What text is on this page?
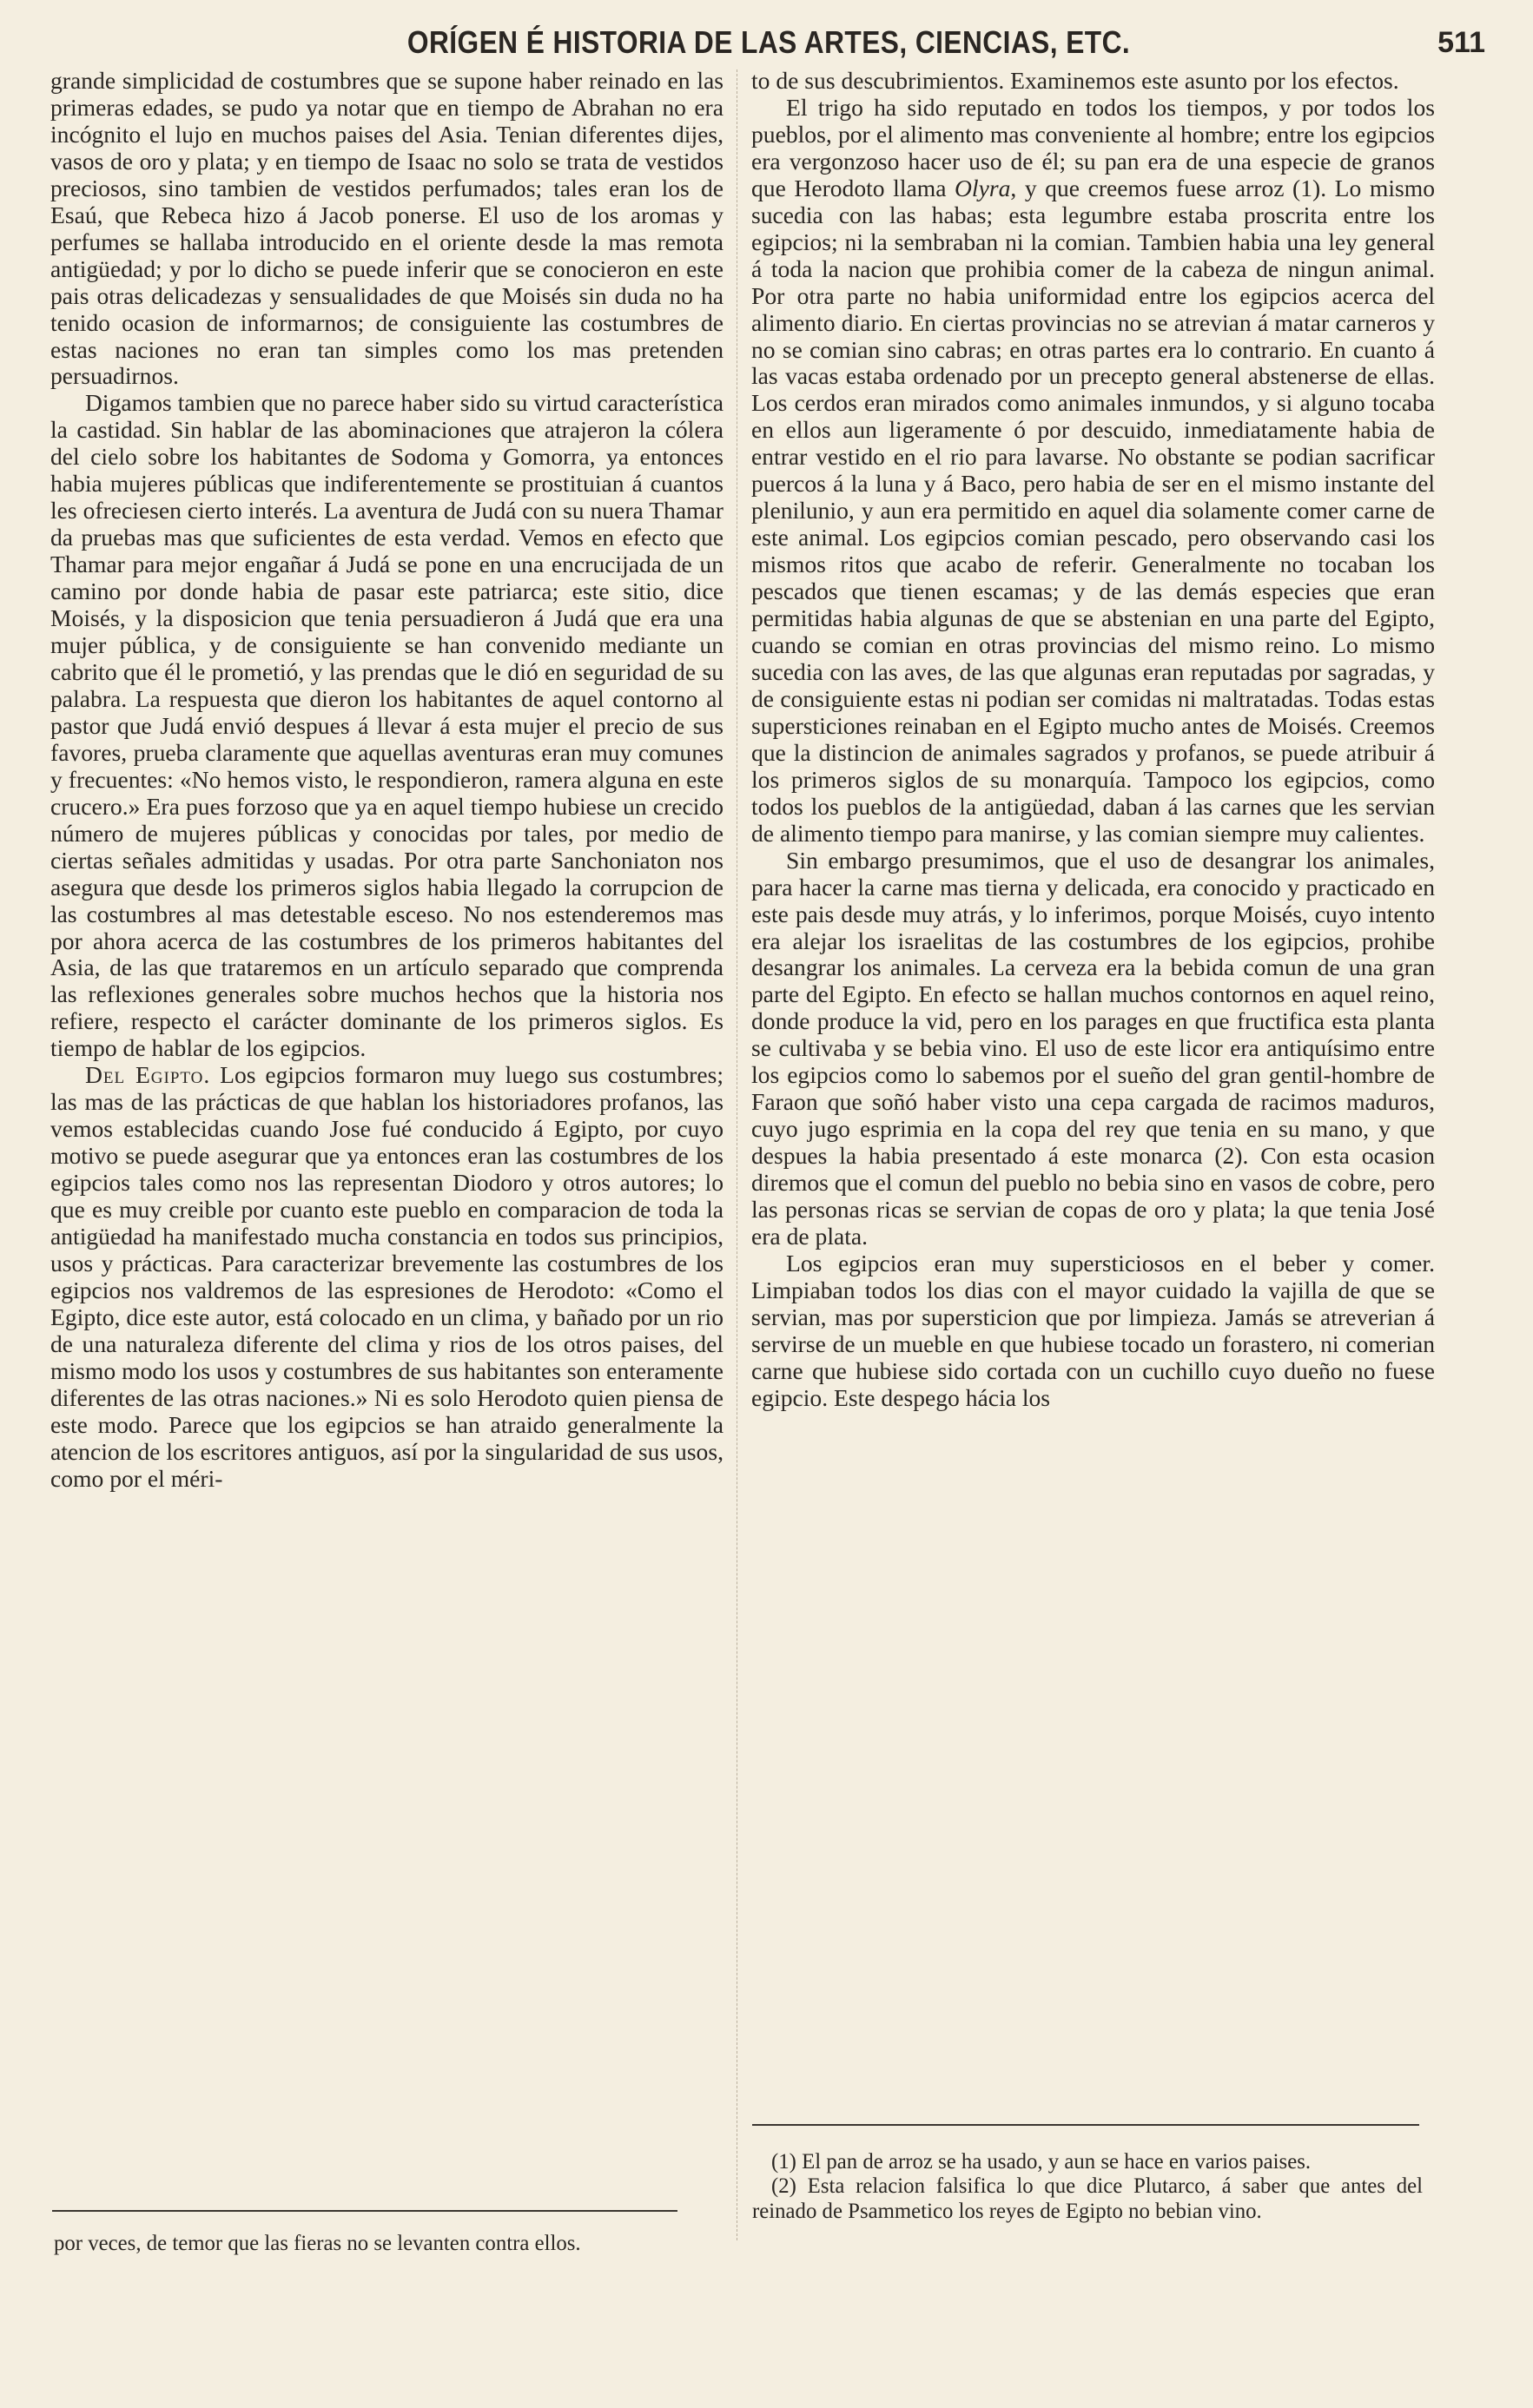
ORÍGEN É HISTORIA DE LAS ARTES, CIENCIAS, ETC.	511

grande simplicidad de costumbres que se supone haber reinado en las primeras edades, se pudo ya notar que en tiempo de Abrahan no era incógnito el lujo en muchos paises del Asia. Tenian diferentes dijes, vasos de oro y plata; y en tiempo de Isaac no solo se trata de vestidos preciosos, sino tambien de vestidos perfumados; tales eran los de Esaú, que Rebeca hizo á Jacob ponerse. El uso de los aromas y perfumes se hallaba introducido en el oriente desde la mas remota antigüedad; y por lo dicho se puede inferir que se conocieron en este pais otras delicadezas y sensualidades de que Moisés sin duda no ha tenido ocasion de informarnos; de consiguiente las costumbres de estas naciones no eran tan simples como los mas pretenden persuadirnos.

Digamos tambien que no parece haber sido su virtud característica la castidad. Sin hablar de las abominaciones que atrajeron la cólera del cielo sobre los habitantes de Sodoma y Gomorra, ya entonces habia mujeres públicas que indiferentemente se prostituian á cuantos les ofreciesen cierto interés. La aventura de Judá con su nuera Thamar da pruebas mas que suficientes de esta verdad. Vemos en efecto que Thamar para mejor engañar á Judá se pone en una encrucijada de un camino por donde habia de pasar este patriarca; este sitio, dice Moisés, y la disposicion que tenia persuadieron á Judá que era una mujer pública, y de consiguiente se han convenido mediante un cabrito que él le prometió, y las prendas que le dió en seguridad de su palabra. La respuesta que dieron los habitantes de aquel contorno al pastor que Judá envió despues á llevar á esta mujer el precio de sus favores, prueba claramente que aquellas aventuras eran muy comunes y frecuentes: «No hemos visto, le respondieron, ramera alguna en este crucero.» Era pues forzoso que ya en aquel tiempo hubiese un crecido número de mujeres públicas y conocidas por tales, por medio de ciertas señales admitidas y usadas. Por otra parte Sanchoniaton nos asegura que desde los primeros siglos habia llegado la corrupcion de las costumbres al mas detestable esceso. No nos estenderemos mas por ahora acerca de las costumbres de los primeros habitantes del Asia, de las que trataremos en un artículo separado que comprenda las reflexiones generales sobre muchos hechos que la historia nos refiere, respecto el carácter dominante de los primeros siglos. Es tiempo de hablar de los egipcios.

Del Egipto. Los egipcios formaron muy luego sus costumbres; las mas de las prácticas de que hablan los historiadores profanos, las vemos establecidas cuando Jose fué conducido á Egipto, por cuyo motivo se puede asegurar que ya entonces eran las costumbres de los egipcios tales como nos las representan Diodoro y otros autores; lo que es muy creible por cuanto este pueblo en comparacion de toda la antigüedad ha manifestado mucha constancia en todos sus principios, usos y prácticas. Para caracterizar brevemente las costumbres de los egipcios nos valdremos de las espresiones de Herodoto: «Como el Egipto, dice este autor, está colocado en un clima, y bañado por un rio de una naturaleza diferente del clima y rios de los otros paises, del mismo modo los usos y costumbres de sus habitantes son enteramente diferentes de las otras naciones.» Ni es solo Herodoto quien piensa de este modo. Parece que los egipcios se han atraido generalmente la atencion de los escritores antiguos, así por la singularidad de sus usos, como por el méri-

por veces, de temor que las fieras no se levanten contra ellos.

to de sus descubrimientos. Examinemos este asunto por los efectos.

El trigo ha sido reputado en todos los tiempos, y por todos los pueblos, por el alimento mas conveniente al hombre; entre los egipcios era vergonzoso hacer uso de él; su pan era de una especie de granos que Herodoto llama Olyra, y que creemos fuese arroz (1). Lo mismo sucedia con las habas; esta legumbre estaba proscrita entre los egipcios; ni la sembraban ni la comian. Tambien habia una ley general á toda la nacion que prohibia comer de la cabeza de ningun animal. Por otra parte no habia uniformidad entre los egipcios acerca del alimento diario. En ciertas provincias no se atrevian á matar carneros y no se comian sino cabras; en otras partes era lo contrario. En cuanto á las vacas estaba ordenado por un precepto general abstenerse de ellas. Los cerdos eran mirados como animales inmundos, y si alguno tocaba en ellos aun ligeramente ó por descuido, inmediatamente habia de entrar vestido en el rio para lavarse. No obstante se podian sacrificar puercos á la luna y á Baco, pero habia de ser en el mismo instante del plenilunio, y aun era permitido en aquel dia solamente comer carne de este animal. Los egipcios comian pescado, pero observando casi los mismos ritos que acabo de referir. Generalmente no tocaban los pescados que tienen escamas; y de las demás especies que eran permitidas habia algunas de que se abstenian en una parte del Egipto, cuando se comian en otras provincias del mismo reino. Lo mismo sucedia con las aves, de las que algunas eran reputadas por sagradas, y de consiguiente estas ni podian ser comidas ni maltratadas. Todas estas supersticiones reinaban en el Egipto mucho antes de Moisés. Creemos que la distincion de animales sagrados y profanos, se puede atribuir á los primeros siglos de su monarquía. Tampoco los egipcios, como todos los pueblos de la antigüedad, daban á las carnes que les servian de alimento tiempo para manirse, y las comian siempre muy calientes.

Sin embargo presumimos, que el uso de desangrar los animales, para hacer la carne mas tierna y delicada, era conocido y practicado en este pais desde muy atrás, y lo inferimos, porque Moisés, cuyo intento era alejar los israelitas de las costumbres de los egipcios, prohibe desangrar los animales. La cerveza era la bebida comun de una gran parte del Egipto. En efecto se hallan muchos contornos en aquel reino, donde produce la vid, pero en los parages en que fructifica esta planta se cultivaba y se bebia vino. El uso de este licor era antiquísimo entre los egipcios como lo sabemos por el sueño del gran gentil-hombre de Faraon que soñó haber visto una cepa cargada de racimos maduros, cuyo jugo esprimia en la copa del rey que tenia en su mano, y que despues la habia presentado á este monarca (2). Con esta ocasion diremos que el comun del pueblo no bebia sino en vasos de cobre, pero las personas ricas se servian de copas de oro y plata; la que tenia José era de plata.

Los egipcios eran muy supersticiosos en el beber y comer. Limpiaban todos los dias con el mayor cuidado la vajilla de que se servian, mas por supersticion que por limpieza. Jamás se atreverian á servirse de un mueble en que hubiese tocado un forastero, ni comerian carne que hubiese sido cortada con un cuchillo cuyo dueño no fuese egipcio. Este despego hácia los

(1) El pan de arroz se ha usado, y aun se hace en varios paises.

(2) Esta relacion falsifica lo que dice Plutarco, á saber que antes del reinado de Psammetico los reyes de Egipto no bebian vino.
